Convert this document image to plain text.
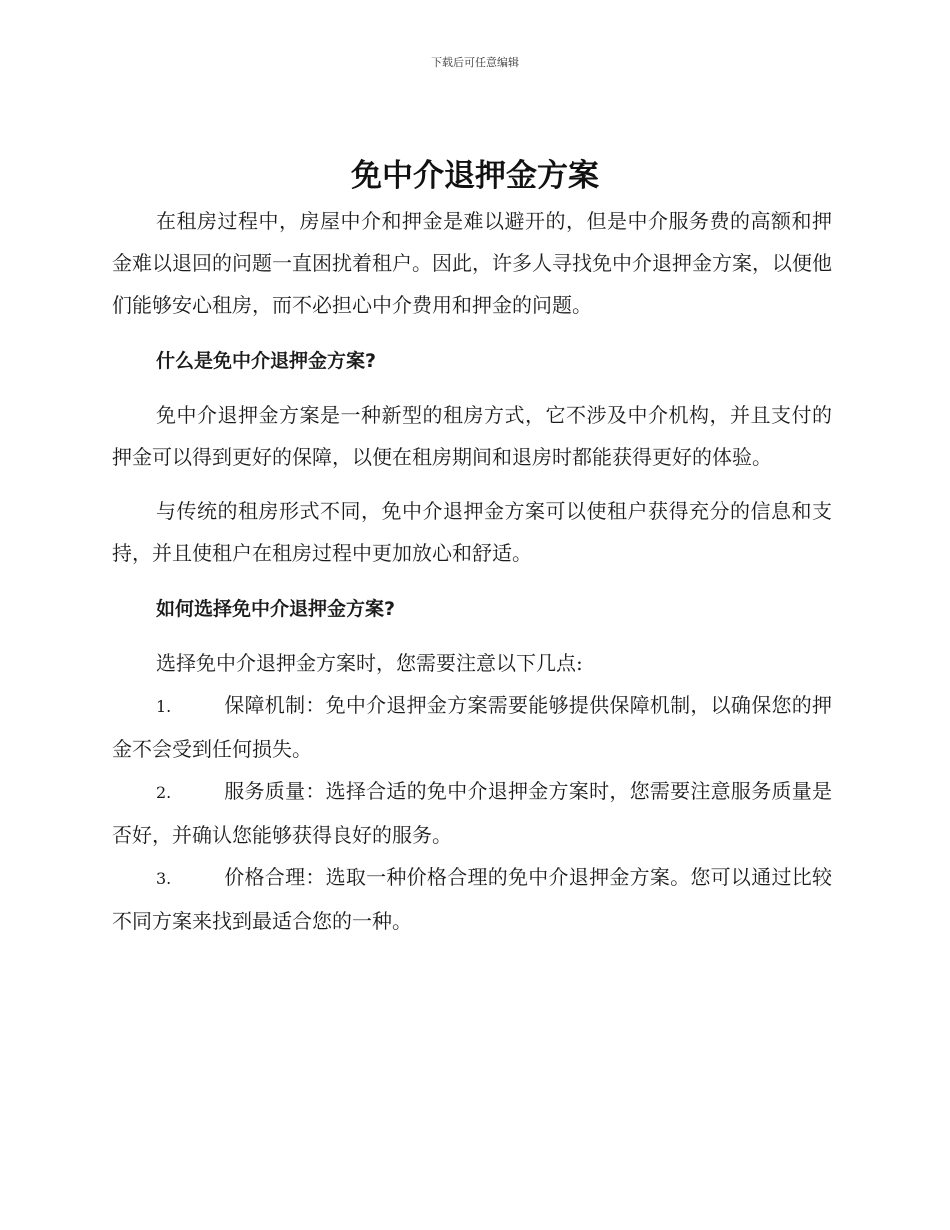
下载后可任意编辑
免中介退押金方案

在租房过程中，房屋中介和押金是难以避开的，但是中介服务费的高额和押金难以退回的问题一直困扰着租户。因此，许多人寻找免中介退押金方案，以便他们能够安心租房，而不必担心中介费用和押金的问题。

什么是免中介退押金方案?

免中介退押金方案是一种新型的租房方式，它不涉及中介机构，并且支付的押金可以得到更好的保障，以便在租房期间和退房时都能获得更好的体验。

与传统的租房形式不同，免中介退押金方案可以使租户获得充分的信息和支持，并且使租户在租房过程中更加放心和舒适。

如何选择免中介退押金方案?

选择免中介退押金方案时，您需要注意以下几点:

1.	保障机制：免中介退押金方案需要能够提供保障机制，以确保您的押金不会受到任何损失。

2.	服务质量：选择合适的免中介退押金方案时，您需要注意服务质量是否好，并确认您能够获得良好的服务。

3.	价格合理：选取一种价格合理的免中介退押金方案。您可以通过比较不同方案来找到最适合您的一种。
